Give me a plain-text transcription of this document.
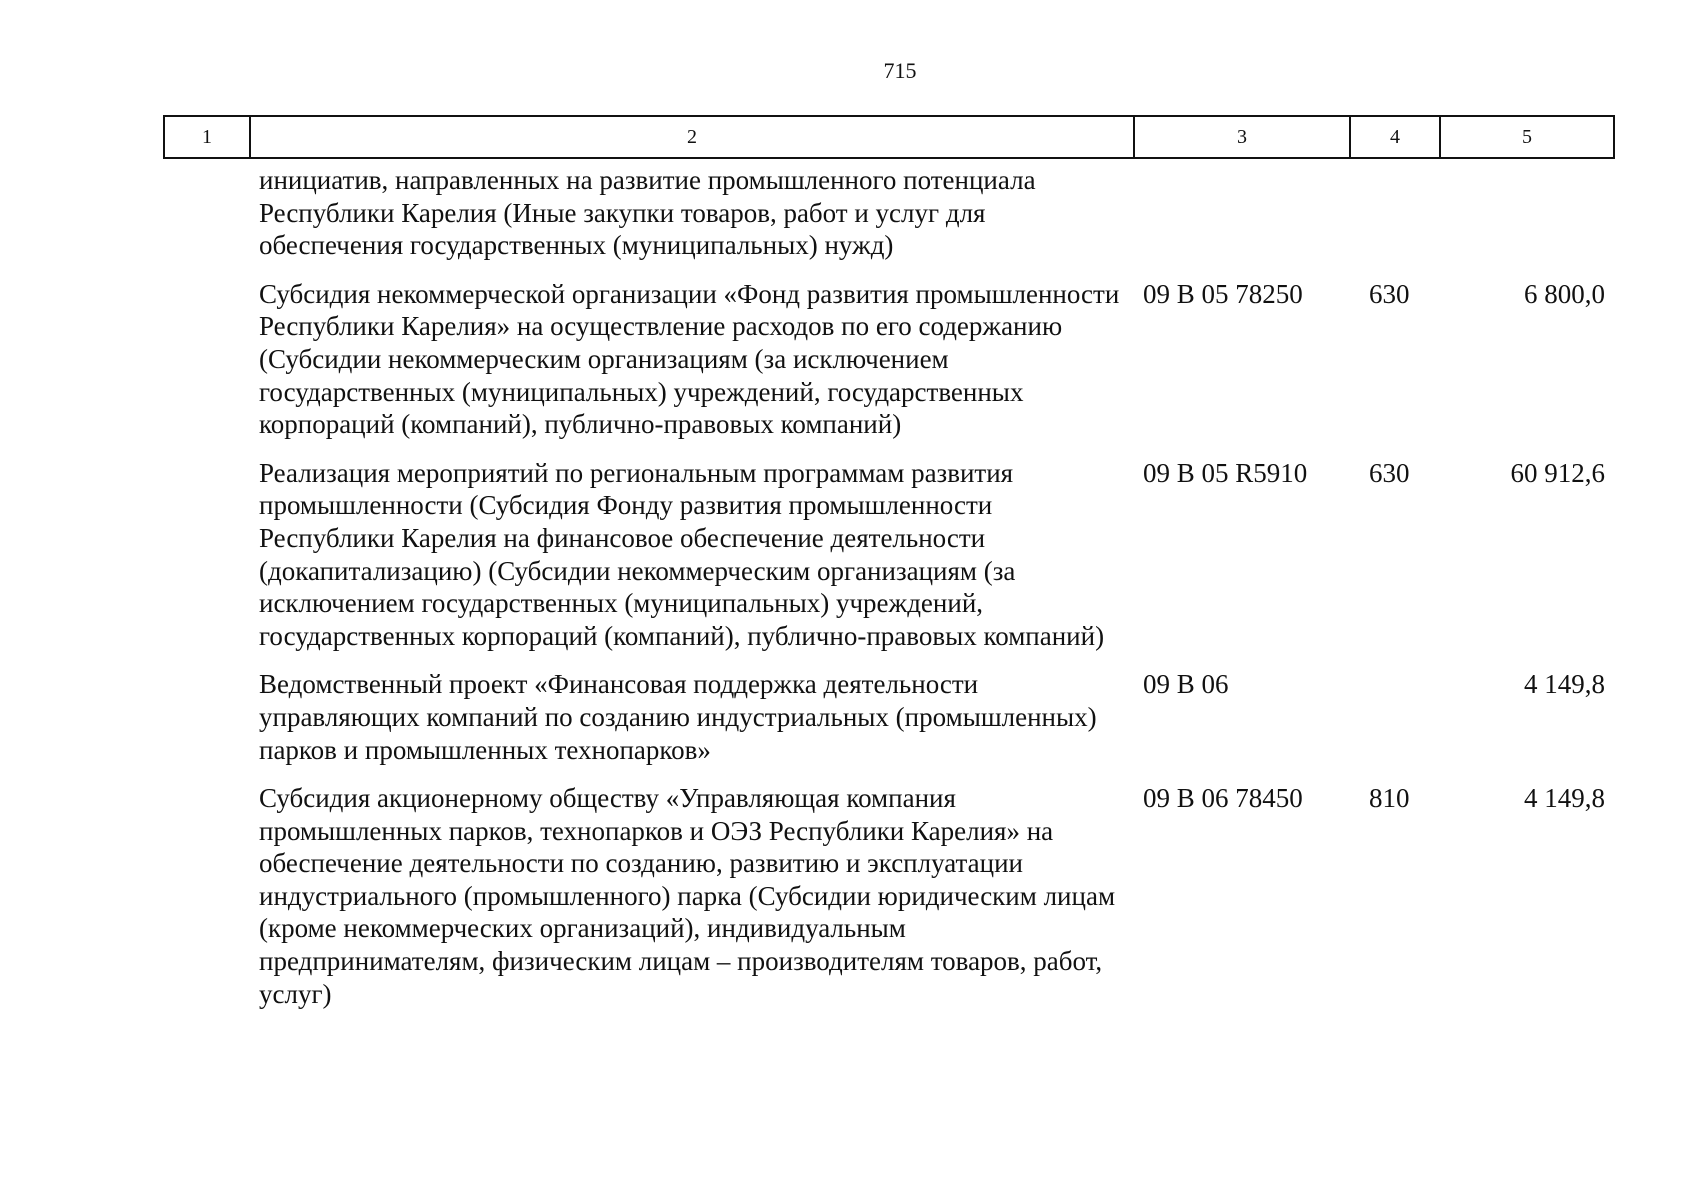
715
1	2	3	4	5
инициатив, направленных на развитие промышленного потенциала Республики Карелия (Иные закупки товаров, работ и услуг для обеспечения государственных (муниципальных) нужд)			
Субсидия некоммерческой организации «Фонд развития промышленности Республики Карелия» на осуществление расходов по его содержанию (Субсидии некоммерческим организациям (за исключением государственных (муниципальных) учреждений, государственных корпораций (компаний), публично-правовых компаний)	09 В 05 78250	630	6 800,0
Реализация мероприятий по региональным программам развития промышленности (Субсидия Фонду развития промышленности Республики Карелия на финансовое обеспечение деятельности (докапитализацию) (Субсидии некоммерческим организациям (за исключением государственных (муниципальных) учреждений, государственных корпораций (компаний), публично-правовых компаний)	09 В 05 R5910	630	60 912,6
Ведомственный проект «Финансовая поддержка деятельности управляющих компаний по созданию индустриальных (промышленных) парков и промышленных технопарков»	09 В 06		4 149,8
Субсидия акционерному обществу «Управляющая компания промышленных парков, технопарков и ОЭЗ Республики Карелия» на обеспечение деятельности по созданию, развитию и эксплуатации индустриального (промышленного) парка (Субсидии юридическим лицам (кроме некоммерческих организаций), индивидуальным предпринимателям, физическим лицам – производителям товаров, работ, услуг)	09 В 06 78450	810	4 149,8
